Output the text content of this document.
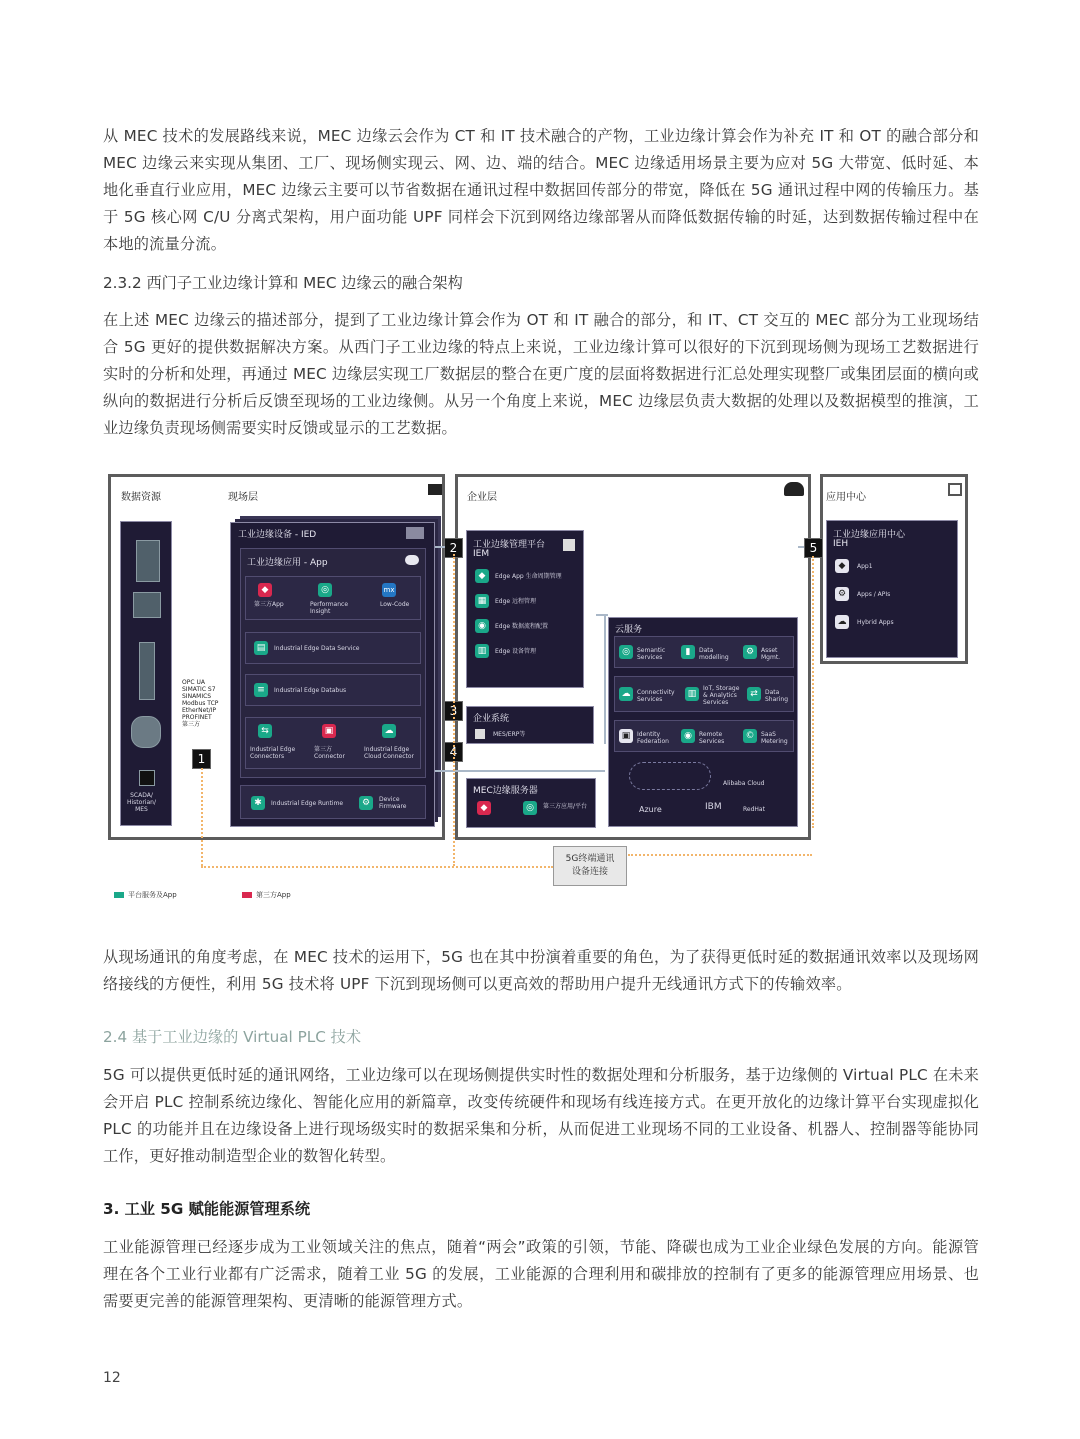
从 MEC 技术的发展路线来说，MEC 边缘云会作为 CT 和 IT 技术融合的产物，工业边缘计算会作为补充 IT 和 OT 的融合部分和 MEC 边缘云来实现从集团、工厂、现场侧实现云、网、边、端的结合。MEC 边缘适用场景主要为应对 5G 大带宽、低时延、本地化垂直行业应用，MEC 边缘云主要可以节省数据在通讯过程中数据回传部分的带宽，降低在 5G 通讯过程中网的传输压力。基于 5G 核心网 C/U 分离式架构，用户面功能 UPF 同样会下沉到网络边缘部署从而降低数据传输的时延，达到数据传输过程中在本地的流量分流。

2.3.2 西门子工业边缘计算和 MEC 边缘云的融合架构

在上述 MEC 边缘云的描述部分，提到了工业边缘计算会作为 OT 和 IT 融合的部分，和 IT、CT 交互的 MEC 部分为工业现场结合 5G 更好的提供数据解决方案。从西门子工业边缘的特点上来说，工业边缘计算可以很好的下沉到现场侧为现场工艺数据进行实时的分析和处理，再通过 MEC 边缘层实现工厂数据层的整合在更广度的层面将数据进行汇总处理实现整厂或集团层面的横向或纵向的数据进行分析后反馈至现场的工业边缘侧。从另一个角度上来说，MEC 边缘层负责大数据的处理以及数据模型的推演，工业边缘负责现场侧需要实时反馈或显示的工艺数据。

数据资源	现场层
SCADA/
Historian/
MES
OPC UA
SIMATIC S7
SINAMICS
Modbus TCP
EtherNet/IP
PROFINET
第三方
1
工业边缘设备 - IED
工业边缘应用 - App
◆
第三方App
◎
Performance Insight
mx
Low-Code
▤	Industrial Edge Data Service
≡	Industrial Edge Databus
⇆
Industrial Edge Connectors
▣
第三方 Connector
☁
Industrial Edge Cloud Connector
✱	Industrial Edge Runtime	⚙	Device Firmware
企业层
2	工业边缘管理平台
IEM
◆	Edge App 生命周期管理
▦	Edge 远程管理
◉	Edge 数据流程配置
▥	Edge 设备管理
3
企业系统
MES/ERP等
4
MEC边缘服务器
◆	◎	第三方应用/平台
云服务
◎	Semantic Services
▮	Data modelling
⚙	Asset Mgmt.
☁	Connectivity Services
▥
IoT, Storage & Analytics Services
⇄	Data Sharing
▣	Identity Federation
◉	Remote Services
©	SaaS Metering
Alibaba Cloud
Azure	IBM	RedHat
应用中心
5
工业边缘应用中心
IEH
◆	App1
⚙	Apps / APIs
☁	Hybrid Apps
5G终端通讯
设备连接
平台服务及App	第三方App

从现场通讯的角度考虑，在 MEC 技术的运用下，5G 也在其中扮演着重要的角色，为了获得更低时延的数据通讯效率以及现场网络接线的方便性，利用 5G 技术将 UPF 下沉到现场侧可以更高效的帮助用户提升无线通讯方式下的传输效率。

2.4 基于工业边缘的 Virtual PLC 技术

5G 可以提供更低时延的通讯网络，工业边缘可以在现场侧提供实时性的数据处理和分析服务，基于边缘侧的 Virtual PLC 在未来会开启 PLC 控制系统边缘化、智能化应用的新篇章，改变传统硬件和现场有线连接方式。在更开放化的边缘计算平台实现虚拟化 PLC 的功能并且在边缘设备上进行现场级实时的数据采集和分析，从而促进工业现场不同的工业设备、机器人、控制器等能协同工作，更好推动制造型企业的数智化转型。

3. 工业 5G 赋能能源管理系统

工业能源管理已经逐步成为工业领域关注的焦点，随着“两会”政策的引领，节能、降碳也成为工业企业绿色发展的方向。能源管理在各个工业行业都有广泛需求，随着工业 5G 的发展，工业能源的合理利用和碳排放的控制有了更多的能源管理应用场景、也需要更完善的能源管理架构、更清晰的能源管理方式。

12
